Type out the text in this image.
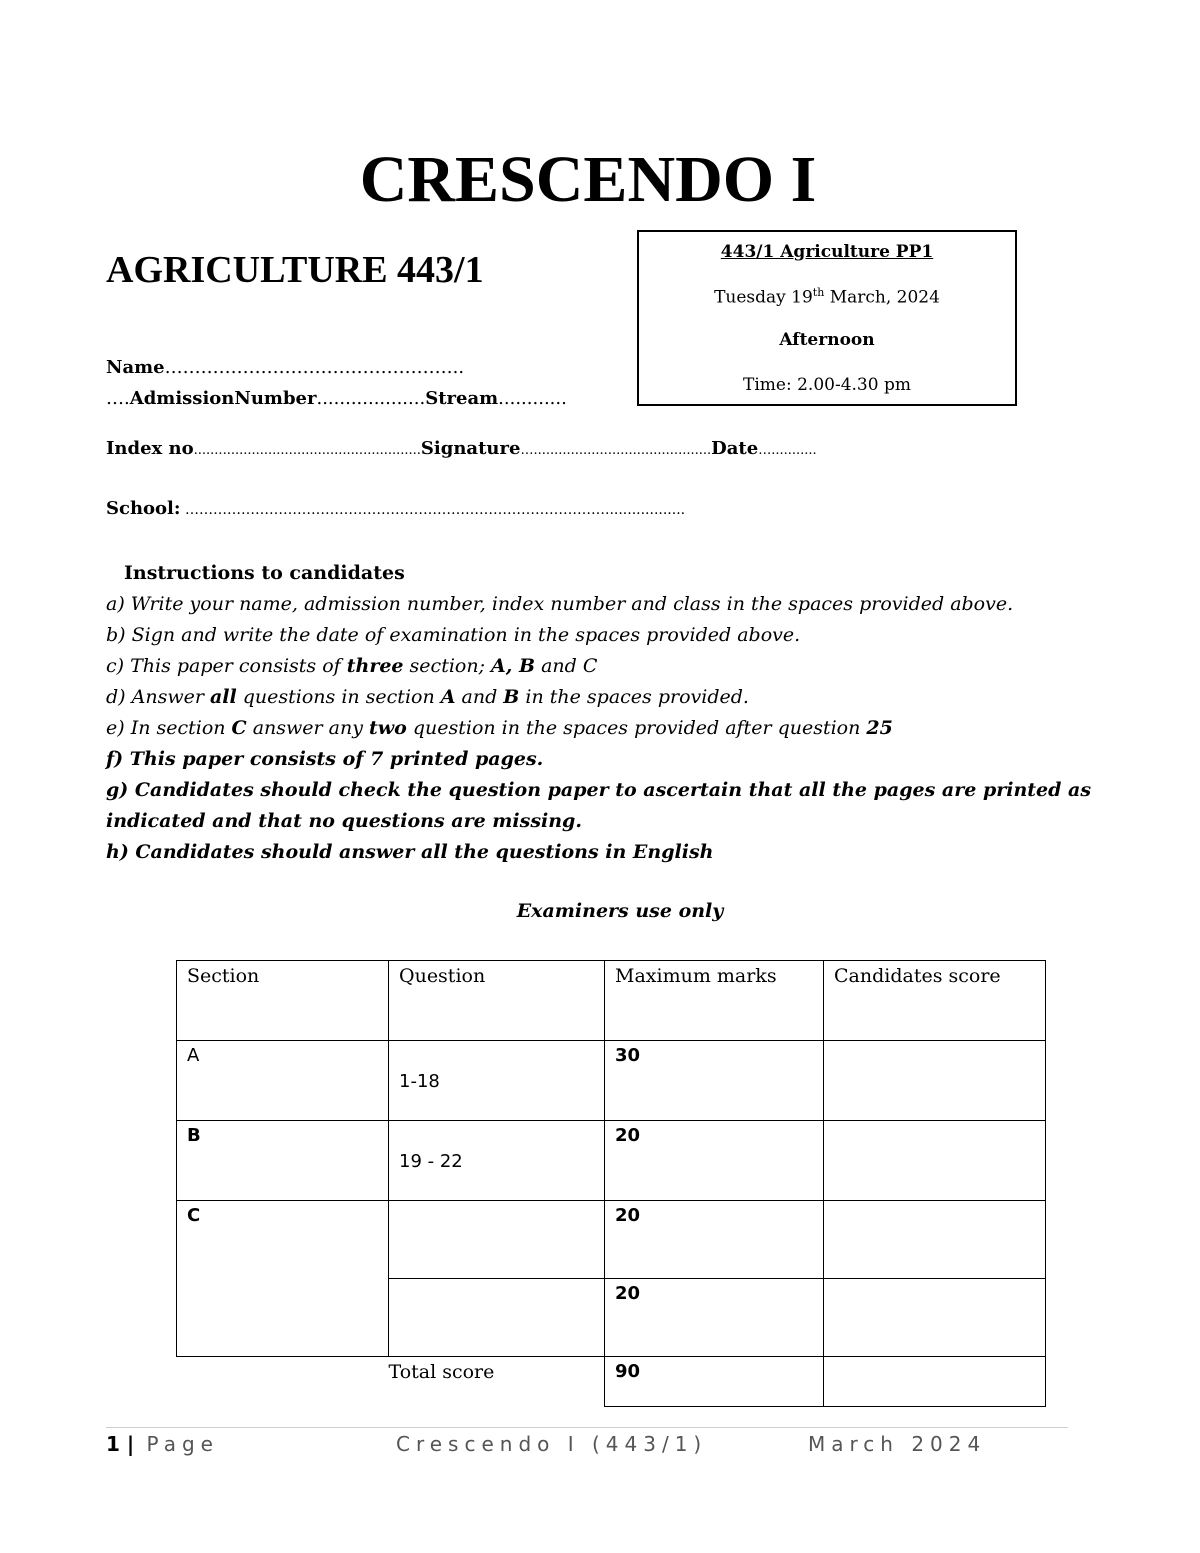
CRESCENDO I
AGRICULTURE 443/1	443/1 Agriculture PP1
Tuesday 19th March, 2024
Afternoon
Time: 2.00-4.30 pm
Name…………………………………………..
….AdmissionNumber...................Stream............
Index no.......................................................Signature…...........................................Date…...........
School: ………………………………………………………………………………..................
Instructions to candidates
a) Write your name, admission number, index number and class in the spaces provided above.
b) Sign and write the date of examination in the spaces provided above.
c) This paper consists of three section; A, B and C
d) Answer all questions in section A and B in the spaces provided.
e) In section C answer any two question in the spaces provided after question 25
f) This paper consists of 7 printed pages.
g) Candidates should check the question paper to ascertain that all the pages are printed as
indicated and that no questions are missing.
h) Candidates should answer all the questions in English
Examiners use only
Section	Question	Maximum marks	Candidates score
A	1-18	30	
B	19 - 22	20	
C		20	
		20	
	Total score	90	
1 | Page	Crescendo I (443/1)	March 2024
